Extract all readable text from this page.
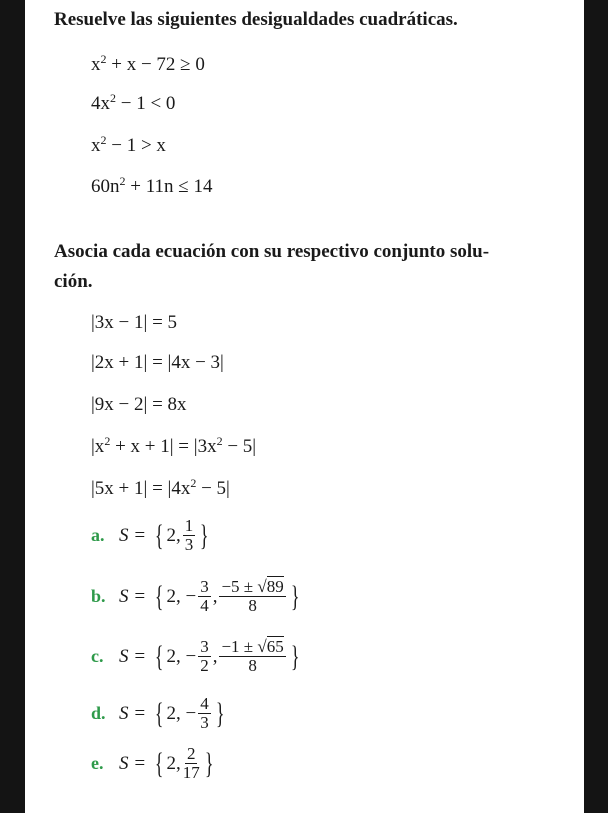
Resuelve las siguientes desigualdades cuadráticas.
$x^2 + x - 72 \ge 0$
$4x^2 - 1 < 0$
$x^2 - 1 > x$
$60n^2 + 11n \le 14$
Asocia cada ecuación con su respectivo conjunto solu-
ción.
|3x − 1| = 5
|2x + 1| = |4x − 3|
|9x − 2| = 8x
$|x^2 + x + 1| = |3x^2 - 5|$
$|5x + 1| = |4x^2 - 5|$
a. S = { 2, $\frac{1}{3}$ }
b. S = { 2, − $\frac{3}{4}$ , $\frac{-5 \pm √89}{8}$ }
c. S = { 2, − $\frac{3}{2}$ , $\frac{-1 \pm √65}{8}$ }
d. S = { 2, − $\frac{4}{3}$ }
e. S = { 2, $\frac{2}{17}$ }
